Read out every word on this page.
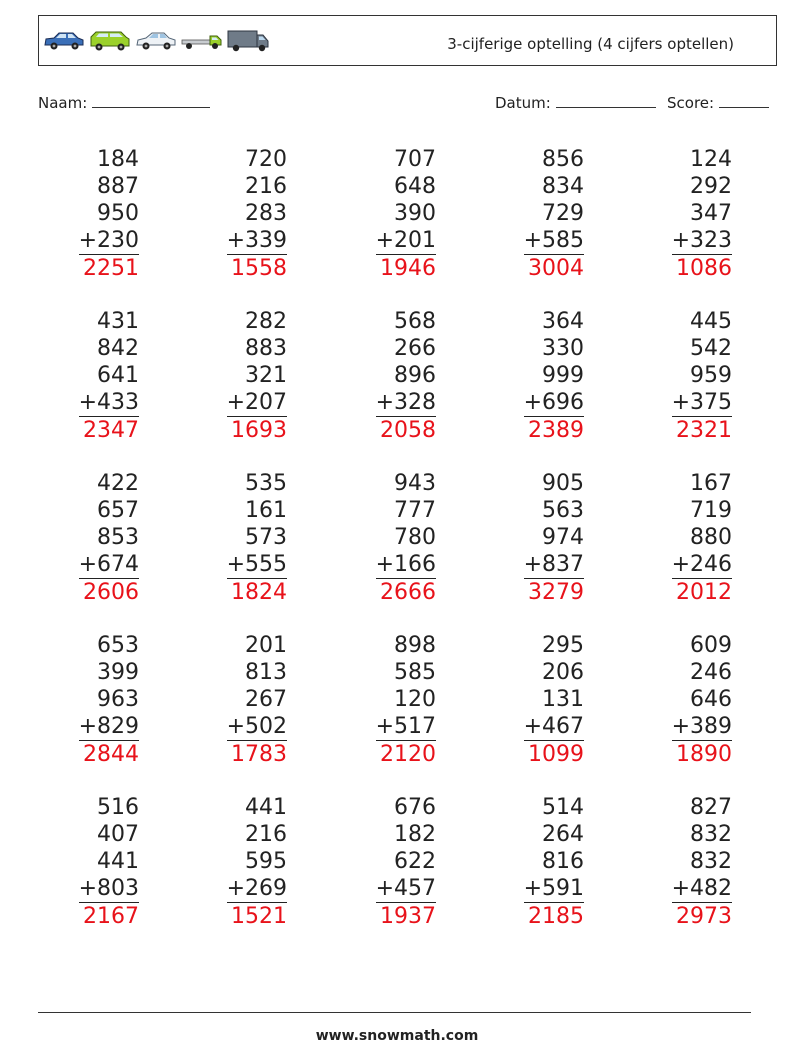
3-cijferige optelling (4 cijfers optellen)
Naam:	Datum:	Score:
184
887
950
+230
2251
720
216
283
+339
1558
707
648
390
+201
1946
856
834
729
+585
3004
124
292
347
+323
1086
431
842
641
+433
2347
282
883
321
+207
1693
568
266
896
+328
2058
364
330
999
+696
2389
445
542
959
+375
2321
422
657
853
+674
2606
535
161
573
+555
1824
943
777
780
+166
2666
905
563
974
+837
3279
167
719
880
+246
2012
653
399
963
+829
2844
201
813
267
+502
1783
898
585
120
+517
2120
295
206
131
+467
1099
609
246
646
+389
1890
516
407
441
+803
2167
441
216
595
+269
1521
676
182
622
+457
1937
514
264
816
+591
2185
827
832
832
+482
2973
www.snowmath.com
